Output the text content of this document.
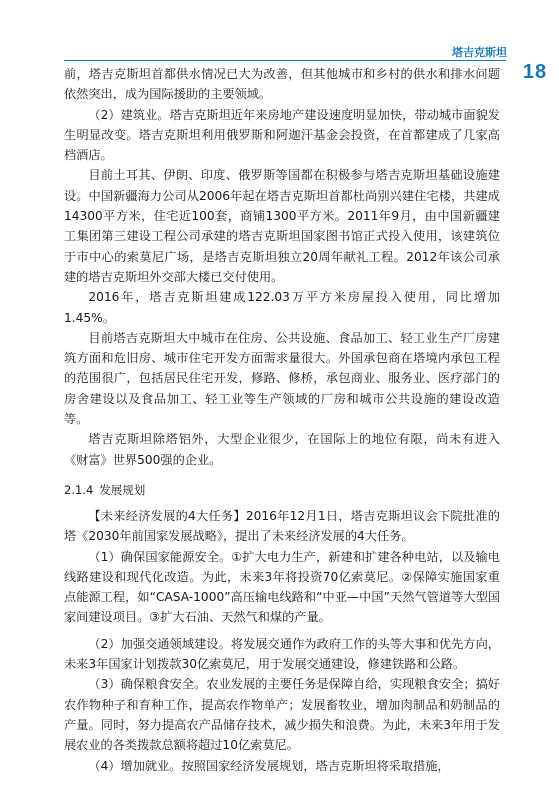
塔吉克斯坦
18

前，塔吉克斯坦首都供水情况已大为改善，但其他城市和乡村的供水和排水问题依然突出，成为国际援助的主要领域。

（2）建筑业。塔吉克斯坦近年来房地产建设速度明显加快，带动城市面貌发生明显改变。塔吉克斯坦利用俄罗斯和阿迦汗基金会投资，在首都建成了几家高档酒店。

目前土耳其、伊朗、印度、俄罗斯等国都在积极参与塔吉克斯坦基础设施建设。中国新疆海力公司从2006年起在塔吉克斯坦首都杜尚别兴建住宅楼，共建成14300平方米，住宅近100套，商铺1300平方米。2011年9月，由中国新疆建工集团第三建设工程公司承建的塔吉克斯坦国家图书馆正式投入使用，该建筑位于市中心的索莫尼广场，是塔吉克斯坦独立20周年献礼工程。2012年该公司承建的塔吉克斯坦外交部大楼已交付使用。

2016年，塔吉克斯坦建成122.03万平方米房屋投入使用，同比增加1.45%。

目前塔吉克斯坦大中城市在住房、公共设施、食品加工、轻工业生产厂房建筑方面和危旧房、城市住宅开发方面需求量很大。外国承包商在塔境内承包工程的范围很广，包括居民住宅开发，修路、修桥，承包商业、服务业、医疗部门的房舍建设以及食品加工、轻工业等生产领域的厂房和城市公共设施的建设改造等。

塔吉克斯坦除塔铝外，大型企业很少，在国际上的地位有限，尚未有进入《财富》世界500强的企业。

2.1.4 发展规划

【未来经济发展的4大任务】2016年12月1日，塔吉克斯坦议会下院批准的塔《2030年前国家发展战略》，提出了未来经济发展的4大任务。

（1）确保国家能源安全。①扩大电力生产，新建和扩建各种电站，以及输电线路建设和现代化改造。为此，未来3年将投资70亿索莫尼。②保障实施国家重点能源工程，如“CASA-1000”高压输电线路和“中亚—中国”天然气管道等大型国家间建设项目。③扩大石油、天然气和煤的产量。

（2）加强交通领域建设。将发展交通作为政府工作的头等大事和优先方向，未来3年国家计划拨款30亿索莫尼，用于发展交通建设，修建铁路和公路。

（3）确保粮食安全。农业发展的主要任务是保障自给，实现粮食安全；搞好农作物种子和育种工作，提高农作物单产；发展畜牧业，增加肉制品和奶制品的产量。同时，努力提高农产品储存技术，减少损失和浪费。为此，未来3年用于发展农业的各类拨款总额将超过10亿索莫尼。

（4）增加就业。按照国家经济发展规划，塔吉克斯坦将采取措施，
